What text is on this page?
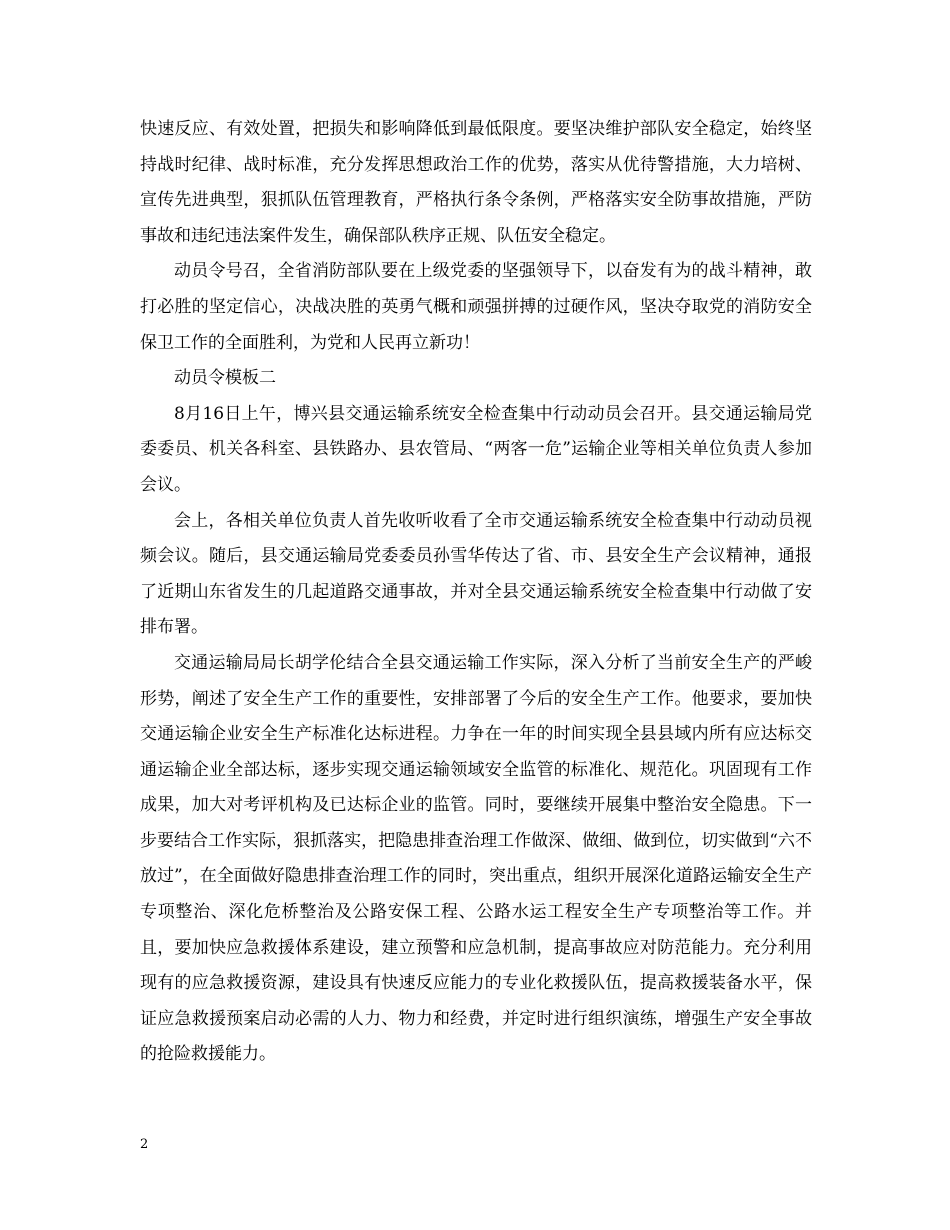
快速反应、有效处置，把损失和影响降低到最低限度。要坚决维护部队安全稳定，始终坚持战时纪律、战时标准，充分发挥思想政治工作的优势，落实从优待警措施，大力培树、宣传先进典型，狠抓队伍管理教育，严格执行条令条例，严格落实安全防事故措施，严防事故和违纪违法案件发生，确保部队秩序正规、队伍安全稳定。

动员令号召，全省消防部队要在上级党委的坚强领导下，以奋发有为的战斗精神，敢打必胜的坚定信心，决战决胜的英勇气概和顽强拼搏的过硬作风，坚决夺取党的消防安全保卫工作的全面胜利，为党和人民再立新功！

动员令模板二

8月16日上午，博兴县交通运输系统安全检查集中行动动员会召开。县交通运输局党委委员、机关各科室、县铁路办、县农管局、“两客一危”运输企业等相关单位负责人参加会议。

会上，各相关单位负责人首先收听收看了全市交通运输系统安全检查集中行动动员视频会议。随后，县交通运输局党委委员孙雪华传达了省、市、县安全生产会议精神，通报了近期山东省发生的几起道路交通事故，并对全县交通运输系统安全检查集中行动做了安排布署。

交通运输局局长胡学伦结合全县交通运输工作实际，深入分析了当前安全生产的严峻形势，阐述了安全生产工作的重要性，安排部署了今后的安全生产工作。他要求，要加快交通运输企业安全生产标准化达标进程。力争在一年的时间实现全县县域内所有应达标交通运输企业全部达标，逐步实现交通运输领域安全监管的标准化、规范化。巩固现有工作成果，加大对考评机构及已达标企业的监管。同时，要继续开展集中整治安全隐患。下一步要结合工作实际，狠抓落实，把隐患排查治理工作做深、做细、做到位，切实做到“六不放过”，在全面做好隐患排查治理工作的同时，突出重点，组织开展深化道路运输安全生产专项整治、深化危桥整治及公路安保工程、公路水运工程安全生产专项整治等工作。并且，要加快应急救援体系建设，建立预警和应急机制，提高事故应对防范能力。充分利用现有的应急救援资源，建设具有快速反应能力的专业化救援队伍，提高救援装备水平，保证应急救援预案启动必需的人力、物力和经费，并定时进行组织演练，增强生产安全事故的抢险救援能力。

2
